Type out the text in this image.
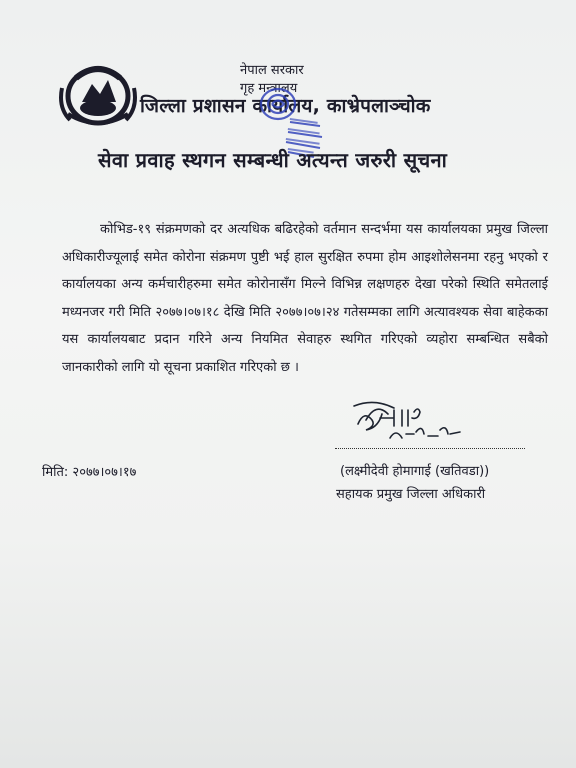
नेपाल सरकार
गृह मन्त्रालय
जिल्ला प्रशासन कार्यालय, काभ्रेपलाञ्चोक
सेवा प्रवाह स्थगन सम्बन्धी अत्यन्त जरुरी सूचना

कोभिड-१९ संक्रमणको दर अत्यधिक बढिरहेको वर्तमान सन्दर्भमा यस कार्यालयका प्रमुख जिल्ला अधिकारीज्यूलाई समेत कोरोना संक्रमण पुष्टी भई हाल सुरक्षित रुपमा होम आइशोलेसनमा रहनु भएको र कार्यालयका अन्य कर्मचारीहरुमा समेत कोरोनासँग मिल्ने विभिन्न लक्षणहरु देखा परेको स्थिति समेतलाई मध्यनजर गरी मिति २०७७।०७।१८ देखि मिति २०७७।०७।२४ गतेसम्मका लागि अत्यावश्यक सेवा बाहेकका यस कार्यालयबाट प्रदान गरिने अन्य नियमित सेवाहरु स्थगित गरिएको व्यहोरा सम्बन्धित सबैको जानकारीको लागि यो सूचना प्रकाशित गरिएको छ ।

मिति: २०७७।०७।१७	(लक्ष्मीदेवी होमागाई (खतिवडा))
सहायक प्रमुख जिल्ला अधिकारी
